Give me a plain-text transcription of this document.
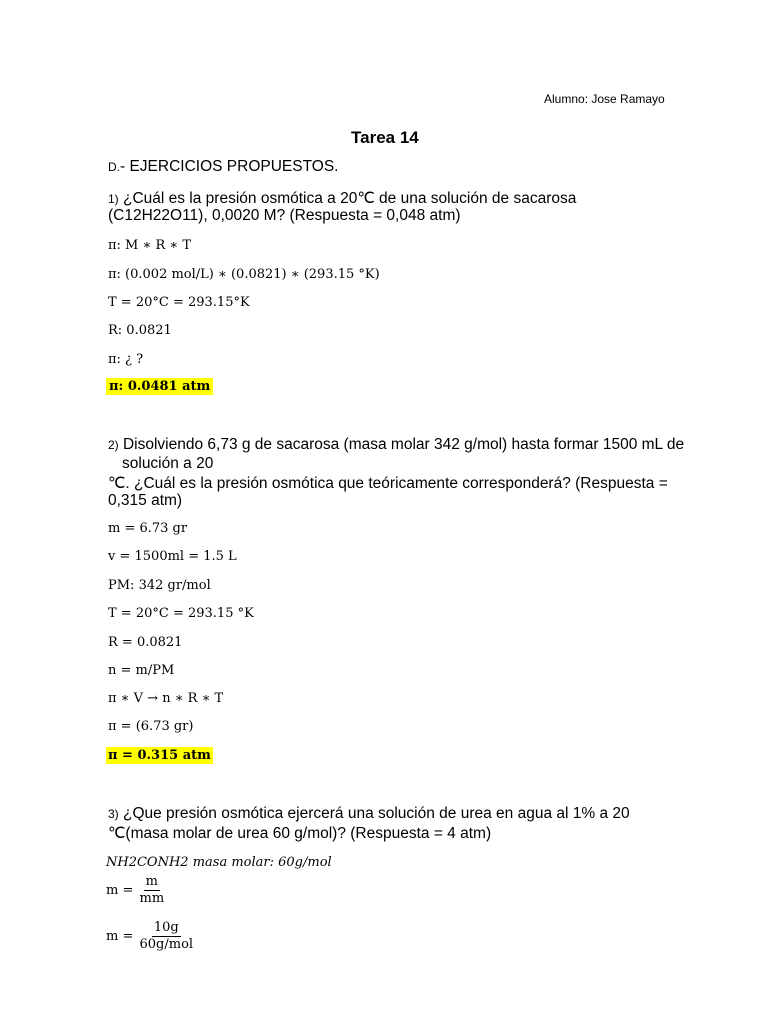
Alumno: Jose Ramayo
Tarea 14
D.- EJERCICIOS PROPUESTOS.
1) ¿Cuál es la presión osmótica a 20℃ de una solución de sacarosa
(C12H22O11), 0,0020 M? (Respuesta = 0,048 atm)
π: M ∗ R ∗ T
π: (0.002 mol/L) ∗ (0.0821) ∗ (293.15 °K)
T = 20°C = 293.15°K
R: 0.0821
π: ¿ ?
π: 0.0481 atm
2) Disolviendo 6,73 g de sacarosa (masa molar 342 g/mol) hasta formar 1500 mL de
solución a 20
℃. ¿Cuál es la presión osmótica que teóricamente corresponderá? (Respuesta =
0,315 atm)
m = 6.73 gr
v = 1500ml = 1.5 L
PM: 342 gr/mol
T = 20°C = 293.15 °K
R = 0.0821
n = m/PM
π ∗ V → n ∗ R ∗ T
π = (6.73 gr)
π = 0.315 atm
3) ¿Que presión osmótica ejercerá una solución de urea en agua al 1% a 20
℃(masa molar de urea 60 g/mol)? (Respuesta = 4 atm)
NH2CONH2 masa molar: 60g/mol
$m = \frac{m}{mm}$
$m = \frac{10g}{\text{60g/mol}}$
